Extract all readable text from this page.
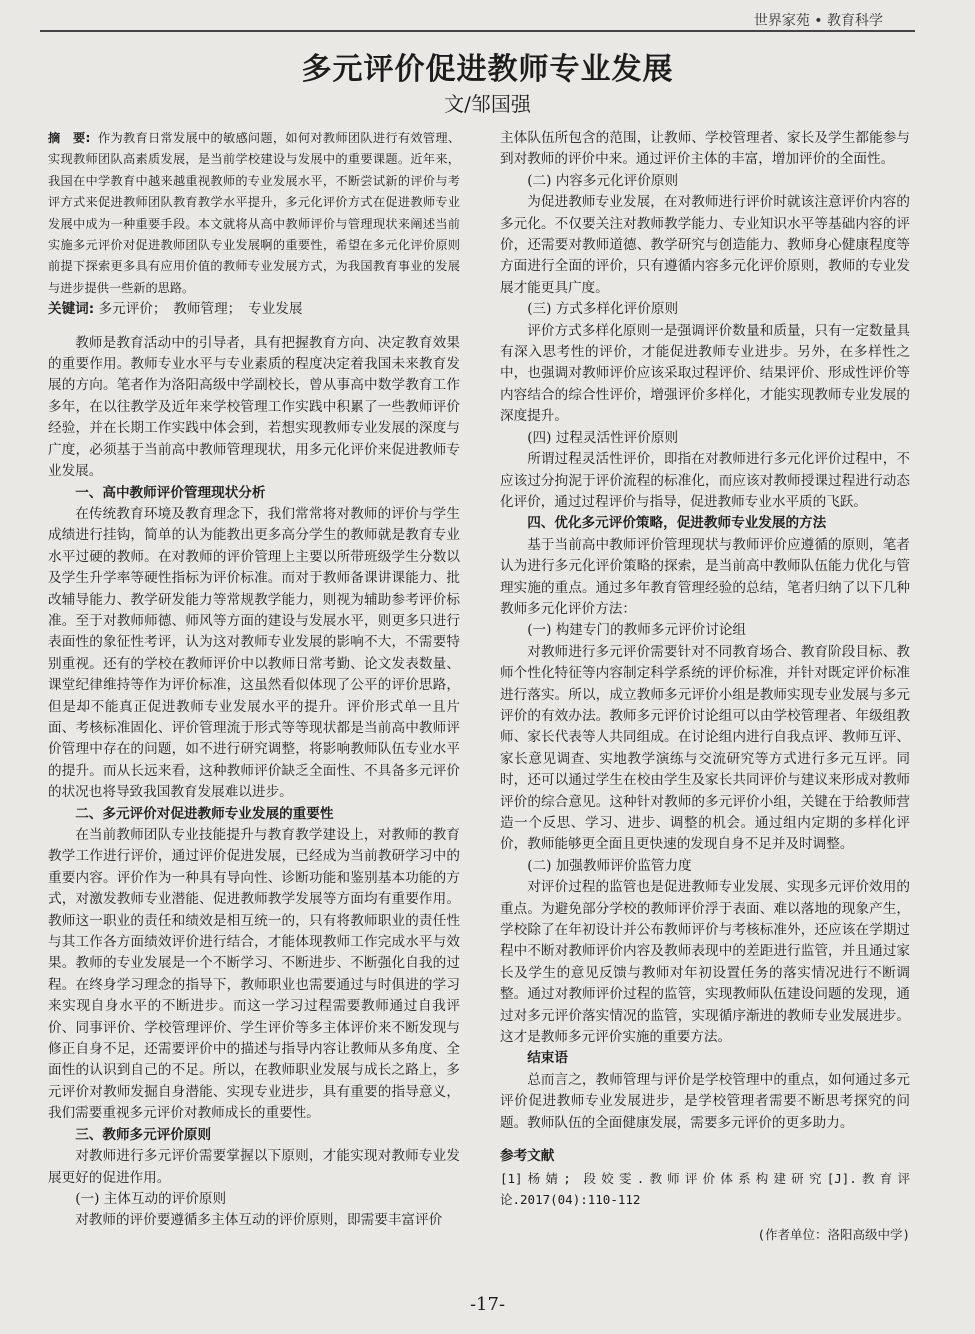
世界家苑 • 教育科学
多元评价促进教师专业发展
文/邹国强
摘　要: 作为教育日常发展中的敏感问题，如何对教师团队进行有效管理、实现教师团队高素质发展，是当前学校建设与发展中的重要课题。近年来，我国在中学教育中越来越重视教师的专业发展水平，不断尝试新的评价与考评方式来促进教师团队教育教学水平提升，多元化评价方式在促进教师专业发展中成为一种重要手段。本文就将从高中教师评价与管理现状来阐述当前实施多元评价对促进教师团队专业发展啊的重要性，希望在多元化评价原则前提下探索更多具有应用价值的教师专业发展方式，为我国教育事业的发展与进步提供一些新的思路。
关键词: 多元评价；　教师管理；　专业发展

教师是教育活动中的引导者，具有把握教育方向、决定教育效果的重要作用。教师专业水平与专业素质的程度决定着我国未来教育发展的方向。笔者作为洛阳高级中学副校长，曾从事高中数学教育工作多年，在以往教学及近年来学校管理工作实践中积累了一些教师评价经验，并在长期工作实践中体会到，若想实现教师专业发展的深度与广度，必须基于当前高中教师管理现状，用多元化评价来促进教师专业发展。

一、高中教师评价管理现状分析

在传统教育环境及教育理念下，我们常常将对教师的评价与学生成绩进行挂钩，简单的认为能教出更多高分学生的教师就是教育专业水平过硬的教师。在对教师的评价管理上主要以所带班级学生分数以及学生升学率等硬性指标为评价标准。而对于教师备课讲课能力、批改辅导能力、教学研发能力等常规教学能力，则视为辅助参考评价标准。至于对教师师德、师风等方面的建设与发展水平，则更多只进行表面性的象征性考评，认为这对教师专业发展的影响不大，不需要特别重视。还有的学校在教师评价中以教师日常考勤、论文发表数量、课堂纪律维持等作为评价标准，这虽然看似体现了公平的评价思路，但是却不能真正促进教师专业发展水平的提升。评价形式单一且片面、考核标准固化、评价管理流于形式等等现状都是当前高中教师评价管理中存在的问题，如不进行研究调整，将影响教师队伍专业水平的提升。而从长远来看，这种教师评价缺乏全面性、不具备多元评价的状况也将导致我国教育发展难以进步。

二、多元评价对促进教师专业发展的重要性

在当前教师团队专业技能提升与教育教学建设上，对教师的教育教学工作进行评价，通过评价促进发展，已经成为当前教研学习中的重要内容。评价作为一种具有导向性、诊断功能和鉴别基本功能的方式，对激发教师专业潜能、促进教师教学发展等方面均有重要作用。教师这一职业的责任和绩效是相互统一的，只有将教师职业的责任性与其工作各方面绩效评价进行结合，才能体现教师工作完成水平与效果。教师的专业发展是一个不断学习、不断进步、不断强化自我的过程。在终身学习理念的指导下，教师职业也需要通过与时俱进的学习来实现自身水平的不断进步。而这一学习过程需要教师通过自我评价、同事评价、学校管理评价、学生评价等多主体评价来不断发现与修正自身不足，还需要评价中的描述与指导内容让教师从多角度、全面性的认识到自己的不足。所以，在教师职业发展与成长之路上，多元评价对教师发掘自身潜能、实现专业进步，具有重要的指导意义，我们需要重视多元评价对教师成长的重要性。

三、教师多元评价原则

对教师进行多元评价需要掌握以下原则，才能实现对教师专业发展更好的促进作用。

(一) 主体互动的评价原则

对教师的评价要遵循多主体互动的评价原则，即需要丰富评价

主体队伍所包含的范围，让教师、学校管理者、家长及学生都能参与到对教师的评价中来。通过评价主体的丰富，增加评价的全面性。

(二) 内容多元化评价原则

为促进教师专业发展，在对教师进行评价时就该注意评价内容的多元化。不仅要关注对教师教学能力、专业知识水平等基础内容的评价，还需要对教师道德、教学研究与创造能力、教师身心健康程度等方面进行全面的评价，只有遵循内容多元化评价原则，教师的专业发展才能更具广度。

(三) 方式多样化评价原则

评价方式多样化原则一是强调评价数量和质量，只有一定数量具有深入思考性的评价，才能促进教师专业进步。另外，在多样性之中，也强调对教师评价应该采取过程评价、结果评价、形成性评价等内容结合的综合性评价，增强评价多样化，才能实现教师专业发展的深度提升。

(四) 过程灵活性评价原则

所谓过程灵活性评价，即指在对教师进行多元化评价过程中，不应该过分拘泥于评价流程的标准化，而应该对教师授课过程进行动态化评价，通过过程评价与指导，促进教师专业水平质的飞跃。

四、优化多元评价策略，促进教师专业发展的方法

基于当前高中教师评价管理现状与教师评价应遵循的原则，笔者认为进行多元化评价策略的探索，是当前高中教师队伍能力优化与管理实施的重点。通过多年教育管理经验的总结，笔者归纳了以下几种教师多元化评价方法：

(一) 构建专门的教师多元评价讨论组

对教师进行多元评价需要针对不同教育场合、教育阶段目标、教师个性化特征等内容制定科学系统的评价标准，并针对既定评价标准进行落实。所以，成立教师多元评价小组是教师实现专业发展与多元评价的有效办法。教师多元评价讨论组可以由学校管理者、年级组教师、家长代表等人共同组成。在讨论组内进行自我点评、教师互评、家长意见调查、实地教学演练与交流研究等方式进行多元互评。同时，还可以通过学生在校由学生及家长共同评价与建议来形成对教师评价的综合意见。这种针对教师的多元评价小组，关键在于给教师营造一个反思、学习、进步、调整的机会。通过组内定期的多样化评价，教师能够更全面且更快速的发现自身不足并及时调整。

(二) 加强教师评价监管力度

对评价过程的监管也是促进教师专业发展、实现多元评价效用的重点。为避免部分学校的教师评价浮于表面、难以落地的现象产生，学校除了在年初设计并公布教师评价与考核标准外，还应该在学期过程中不断对教师评价内容及教师表现中的差距进行监管，并且通过家长及学生的意见反馈与教师对年初设置任务的落实情况进行不断调整。通过对教师评价过程的监管，实现教师队伍建设问题的发现，通过对多元评价落实情况的监管，实现循序渐进的教师专业发展进步。这才是教师多元评价实施的重要方法。

结束语

总而言之，教师管理与评价是学校管理中的重点，如何通过多元评价促进教师专业发展进步，是学校管理者需要不断思考探究的问题。教师队伍的全面健康发展，需要多元评价的更多助力。

参考文献
[1]杨婧; 段姣雯.教师评价体系构建研究[J].教育评论.2017(04):110-112
(作者单位：洛阳高级中学)
-17-
